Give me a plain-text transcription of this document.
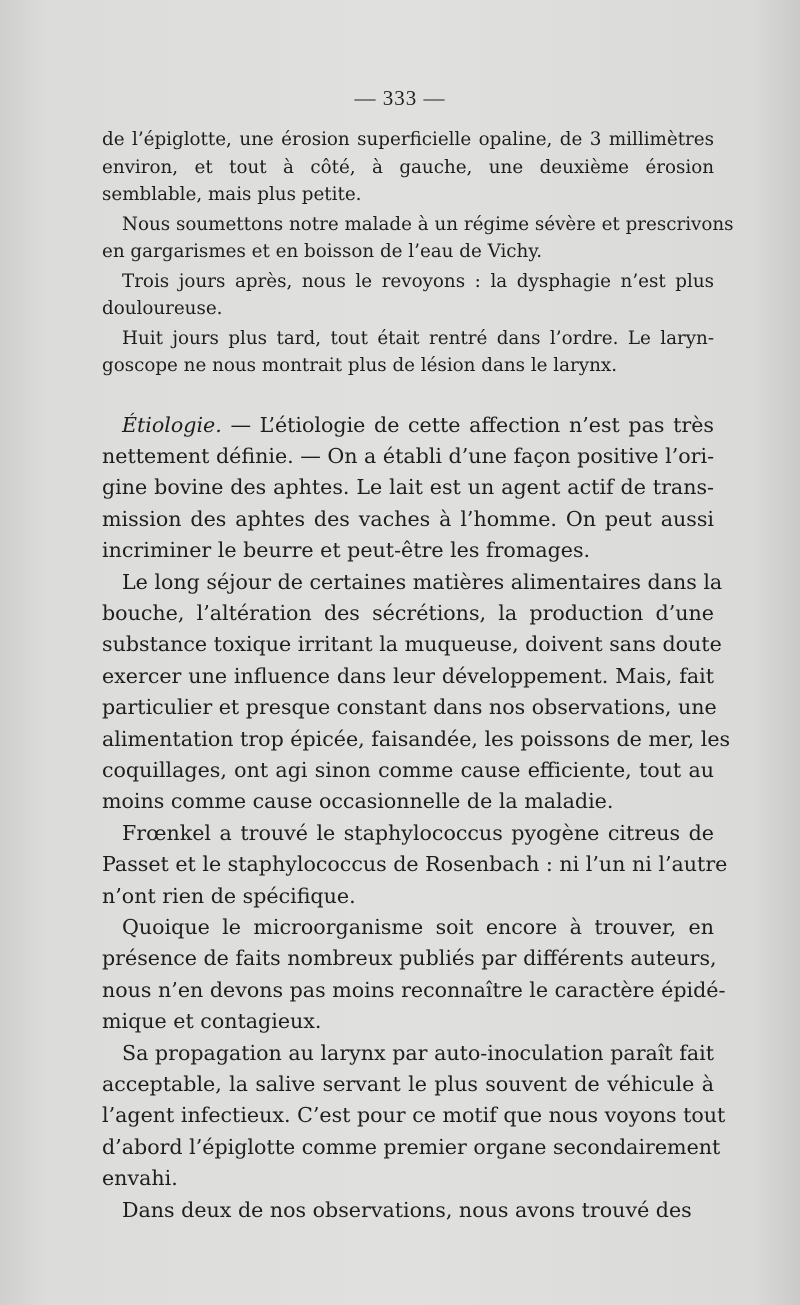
— 333 —
de l’épiglotte, une érosion superficielle opaline, de 3 millimètres
environ, et tout à côté, à gauche, une deuxième érosion
semblable, mais plus petite.
Nous soumettons notre malade à un régime sévère et prescrivons
en gargarismes et en boisson de l’eau de Vichy.
Trois jours après, nous le revoyons : la dysphagie n’est plus
douloureuse.
Huit jours plus tard, tout était rentré dans l’ordre. Le laryn-
goscope ne nous montrait plus de lésion dans le larynx.
Étiologie. — L’étiologie de cette affection n’est pas très
nettement définie. — On a établi d’une façon positive l’ori-
gine bovine des aphtes. Le lait est un agent actif de trans-
mission des aphtes des vaches à l’homme. On peut aussi
incriminer le beurre et peut-être les fromages.
Le long séjour de certaines matières alimentaires dans la
bouche, l’altération des sécrétions, la production d’une
substance toxique irritant la muqueuse, doivent sans doute
exercer une influence dans leur développement. Mais, fait
particulier et presque constant dans nos observations, une
alimentation trop épicée, faisandée, les poissons de mer, les
coquillages, ont agi sinon comme cause efficiente, tout au
moins comme cause occasionnelle de la maladie.
Frœnkel a trouvé le staphylococcus pyogène citreus de
Passet et le staphylococcus de Rosenbach : ni l’un ni l’autre
n’ont rien de spécifique.
Quoique le microorganisme soit encore à trouver, en
présence de faits nombreux publiés par différents auteurs,
nous n’en devons pas moins reconnaître le caractère épidé-
mique et contagieux.
Sa propagation au larynx par auto-inoculation paraît fait
acceptable, la salive servant le plus souvent de véhicule à
l’agent infectieux. C’est pour ce motif que nous voyons tout
d’abord l’épiglotte comme premier organe secondairement
envahi.
Dans deux de nos observations, nous avons trouvé des
